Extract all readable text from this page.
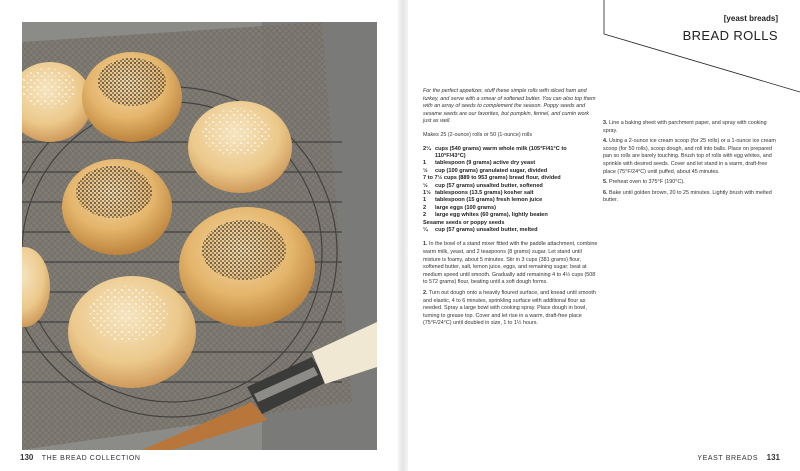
130 THE BREAD COLLECTION
[yeast breads]
BREAD ROLLS

For the perfect appetizer, stuff these simple rolls with sliced ham and turkey, and serve with a smear of softened butter. You can also top them with an array of seeds to complement the season. Poppy seeds and sesame seeds are our favorites, but pumpkin, fennel, and cumin work just as well.

Makes 25 (2-ounce) rolls or 50 (1-ounce) rolls

2¼ cups (540 grams) warm whole milk (105°F/41°C to 110°F/43°C)
1	tablespoon (9 grams) active dry yeast
½	cup (100 grams) granulated sugar, divided
7 to 7½ cups (889 to 953 grams) bread flour, divided
½	cup (57 grams) unsalted butter, softened
1½ tablespoons (13.5 grams) kosher salt
1	tablespoon (15 grams) fresh lemon juice
2	large eggs (100 grams)
2	large egg whites (60 grams), lightly beaten
Sesame seeds or poppy seeds
¼	cup (57 grams) unsalted butter, melted

1. In the bowl of a stand mixer fitted with the paddle attachment, combine warm milk, yeast, and 2 teaspoons (8 grams) sugar. Let stand until mixture is foamy, about 5 minutes. Stir in 3 cups (381 grams) flour, softened butter, salt, lemon juice, eggs, and remaining sugar; beat at medium speed until smooth. Gradually add remaining 4 to 4½ cups (508 to 572 grams) flour, beating until a soft dough forms.

2. Turn out dough onto a heavily floured surface, and knead until smooth and elastic, 4 to 6 minutes, sprinkling surface with additional flour as needed. Spray a large bowl with cooking spray. Place dough in bowl, turning to grease top. Cover and let rise in a warm, draft-free place (75°F/24°C) until doubled in size, 1 to 1½ hours.

3. Line a baking sheet with parchment paper, and spray with cooking spray.

4. Using a 2-ounce ice cream scoop (for 25 rolls) or a 1-ounce ice cream scoop (for 50 rolls), scoop dough, and roll into balls. Place on prepared pan so rolls are barely touching. Brush top of rolls with egg whites, and sprinkle with desired seeds. Cover and let stand in a warm, draft-free place (75°F/24°C) until puffed, about 45 minutes.

5. Preheat oven to 375°F (190°C).

6. Bake until golden brown, 20 to 25 minutes. Lightly brush with melted butter.

YEAST BREADS 131
